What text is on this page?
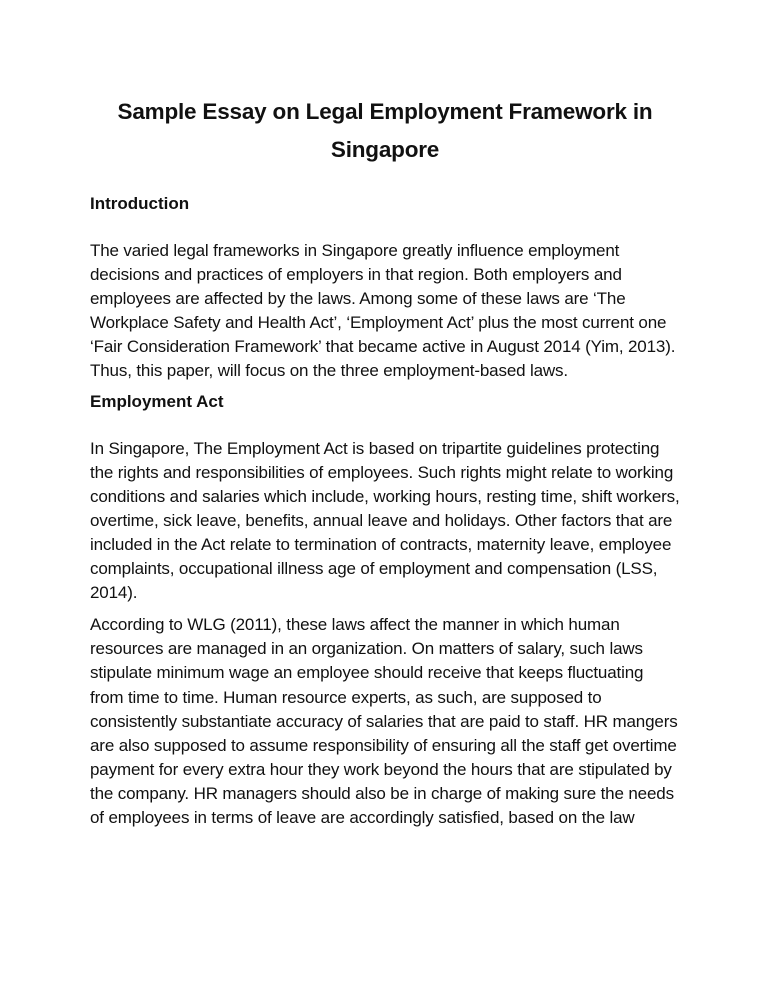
Sample Essay on Legal Employment Framework in Singapore
Introduction

The varied legal frameworks in Singapore greatly influence employment decisions and practices of employers in that region. Both employers and employees are affected by the laws. Among some of these laws are ‘The Workplace Safety and Health Act’, ‘Employment Act’ plus the most current one ‘Fair Consideration Framework’ that became active in August 2014 (Yim, 2013). Thus, this paper, will focus on the three employment-based laws.

Employment Act

In Singapore, The Employment Act is based on tripartite guidelines protecting the rights and responsibilities of employees. Such rights might relate to working conditions and salaries which include, working hours, resting time, shift workers, overtime, sick leave, benefits, annual leave and holidays. Other factors that are included in the Act relate to termination of contracts, maternity leave, employee complaints, occupational illness age of employment and compensation (LSS, 2014).

According to WLG (2011), these laws affect the manner in which human resources are managed in an organization. On matters of salary, such laws stipulate minimum wage an employee should receive that keeps fluctuating from time to time. Human resource experts, as such, are supposed to consistently substantiate accuracy of salaries that are paid to staff. HR mangers are also supposed to assume responsibility of ensuring all the staff get overtime payment for every extra hour they work beyond the hours that are stipulated by the company. HR managers should also be in charge of making sure the needs of employees in terms of leave are accordingly satisfied, based on the law
